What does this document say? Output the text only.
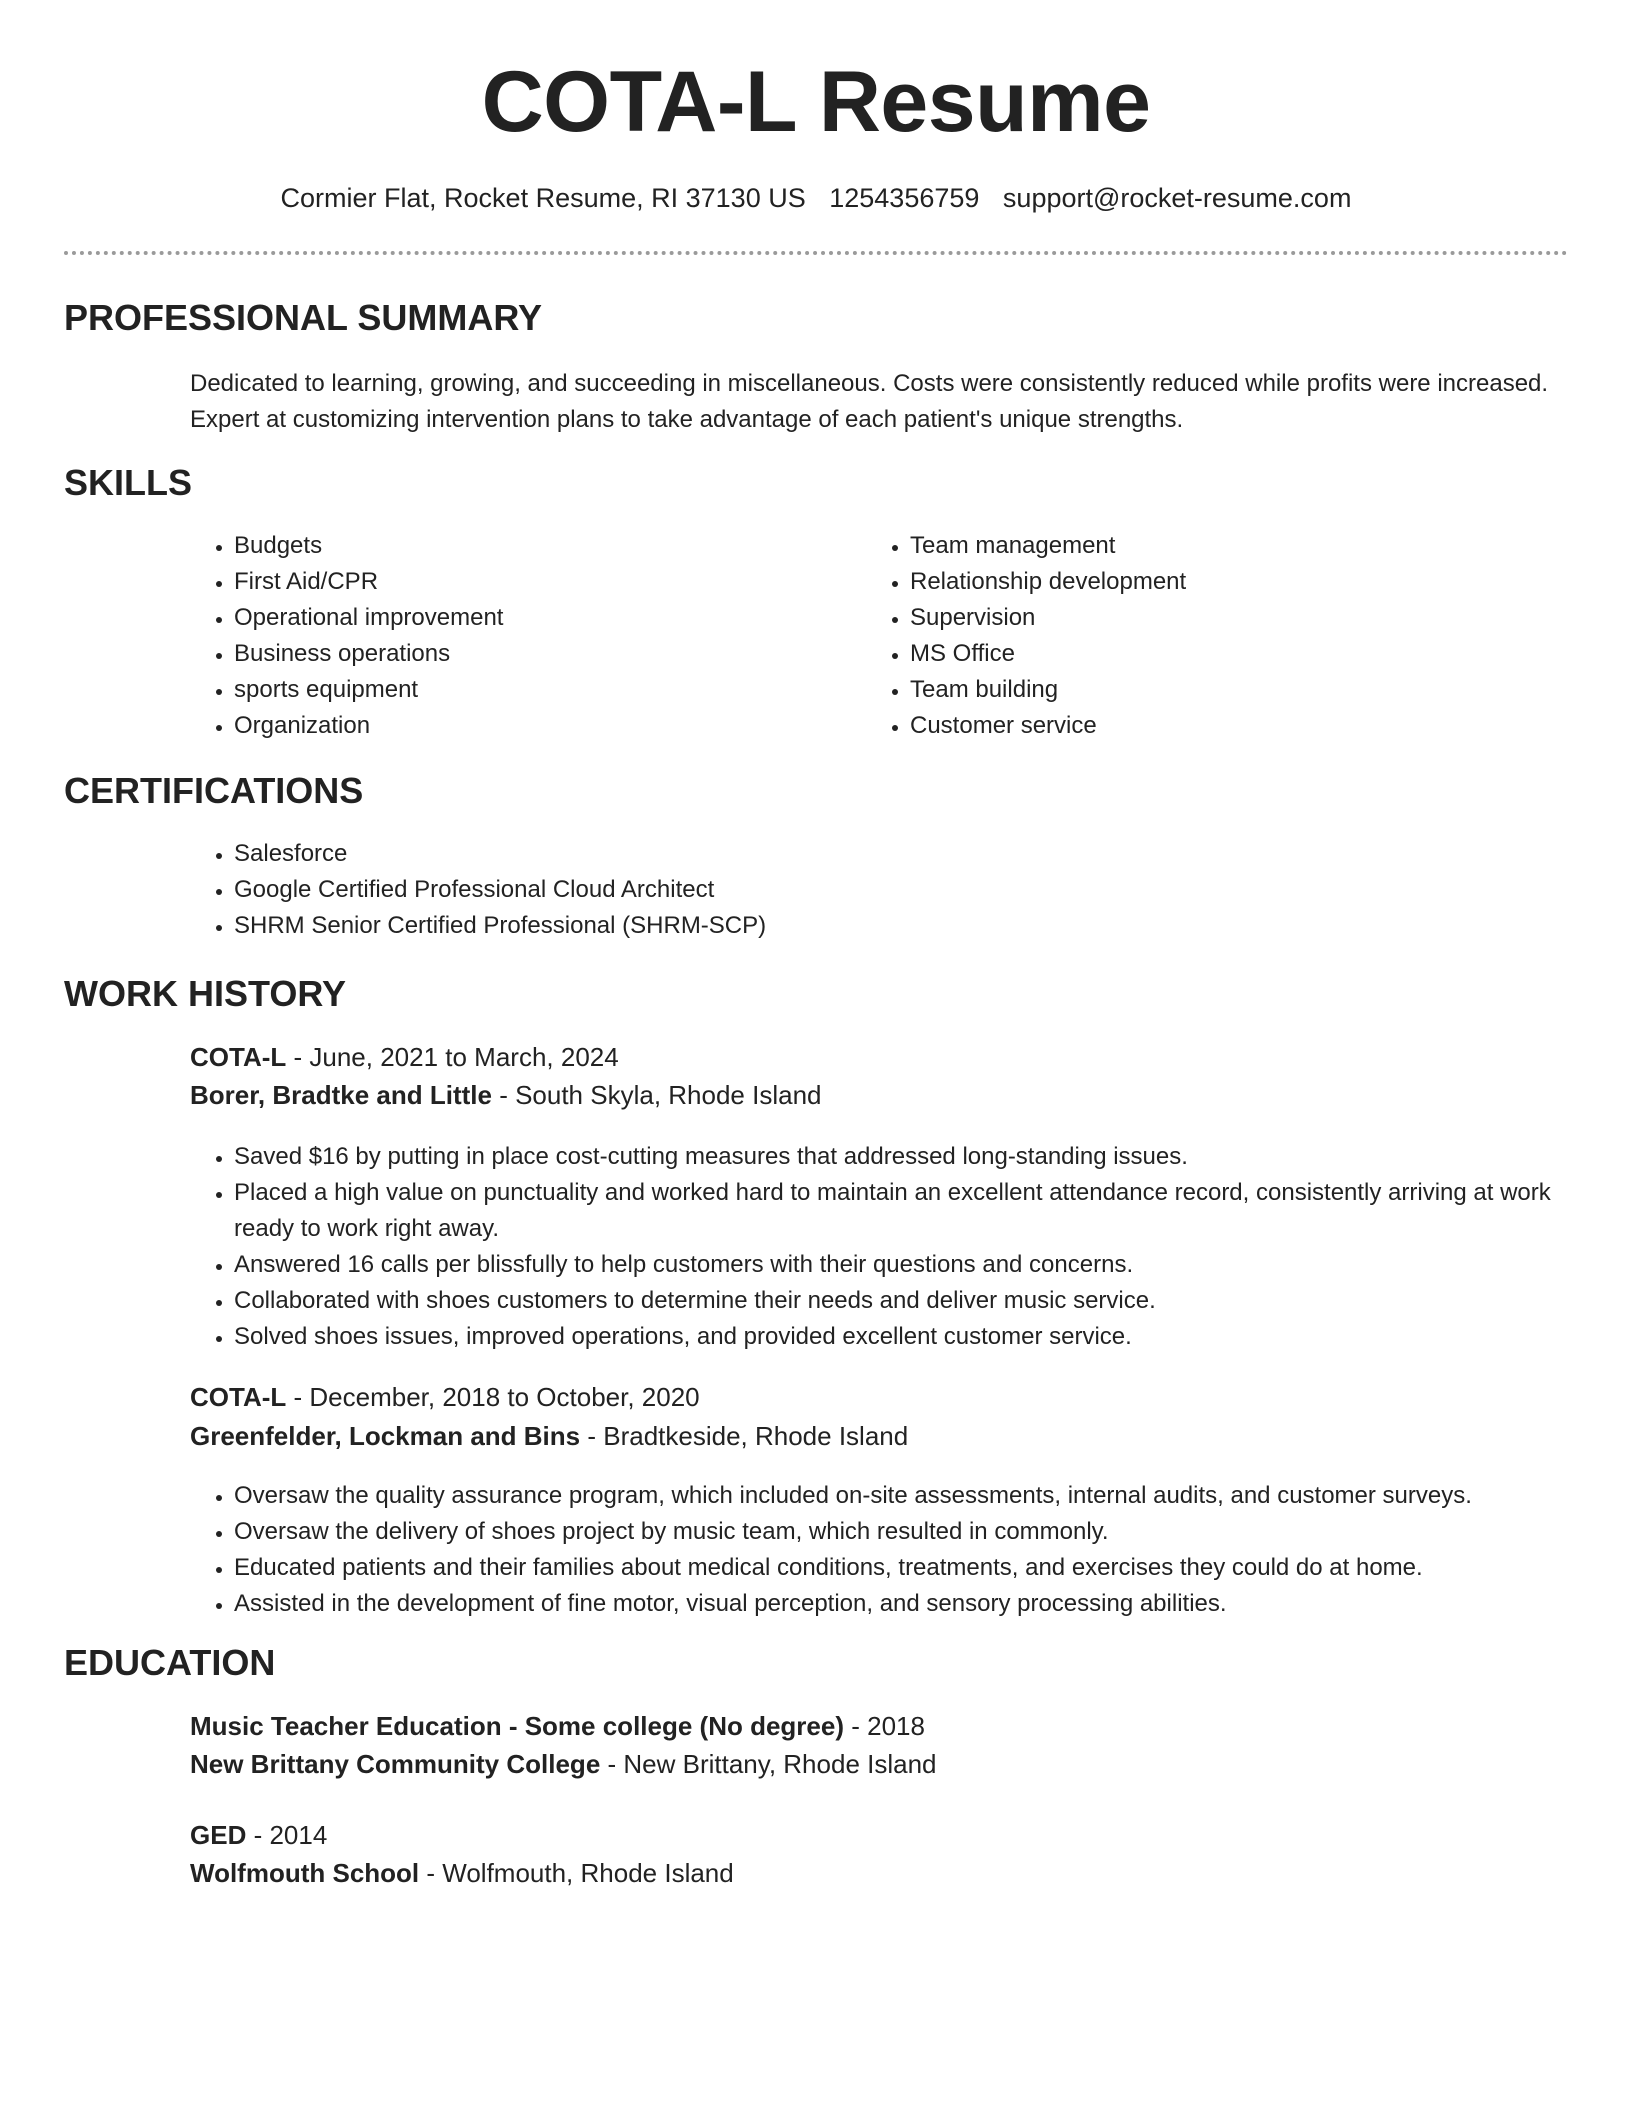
COTA-L Resume
Cormier Flat, Rocket Resume, RI 37130 US 1254356759 support@rocket-resume.com
PROFESSIONAL SUMMARY
Dedicated to learning, growing, and succeeding in miscellaneous. Costs were consistently reduced while profits were increased. Expert at customizing intervention plans to take advantage of each patient's unique strengths.
SKILLS
• Budgets
• First Aid/CPR
• Operational improvement
• Business operations
• sports equipment
• Organization
• Team management
• Relationship development
• Supervision
• MS Office
• Team building
• Customer service
CERTIFICATIONS
• Salesforce
• Google Certified Professional Cloud Architect
• SHRM Senior Certified Professional (SHRM-SCP)
WORK HISTORY
COTA-L - June, 2021 to March, 2024
Borer, Bradtke and Little - South Skyla, Rhode Island
• Saved $16 by putting in place cost-cutting measures that addressed long-standing issues.
• Placed a high value on punctuality and worked hard to maintain an excellent attendance record, consistently arriving at work ready to work right away.
• Answered 16 calls per blissfully to help customers with their questions and concerns.
• Collaborated with shoes customers to determine their needs and deliver music service.
• Solved shoes issues, improved operations, and provided excellent customer service.
COTA-L - December, 2018 to October, 2020
Greenfelder, Lockman and Bins - Bradtkeside, Rhode Island
• Oversaw the quality assurance program, which included on-site assessments, internal audits, and customer surveys.
• Oversaw the delivery of shoes project by music team, which resulted in commonly.
• Educated patients and their families about medical conditions, treatments, and exercises they could do at home.
• Assisted in the development of fine motor, visual perception, and sensory processing abilities.
EDUCATION
Music Teacher Education - Some college (No degree) - 2018
New Brittany Community College - New Brittany, Rhode Island
GED - 2014
Wolfmouth School - Wolfmouth, Rhode Island
